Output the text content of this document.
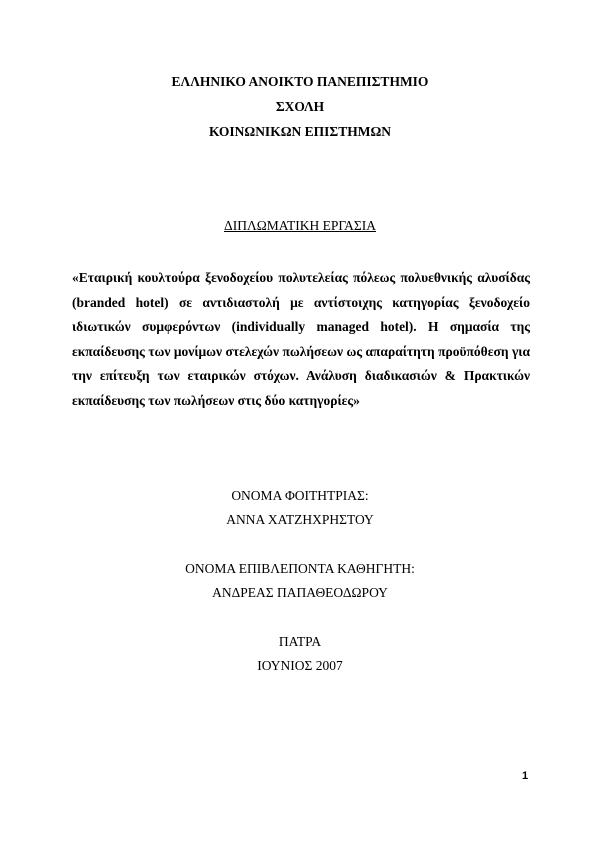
ΕΛΛΗΝΙΚΟ ΑΝΟΙΚΤΟ ΠΑΝΕΠΙΣΤΗΜΙΟ
ΣΧΟΛΗ
ΚΟΙΝΩΝΙΚΩΝ ΕΠΙΣΤΗΜΩΝ
ΔΙΠΛΩΜΑΤΙΚΗ ΕΡΓΑΣΙΑ

«Εταιρική κουλτούρα ξενοδοχείου πολυτελείας πόλεως πολυεθνικής αλυσίδας (branded hotel) σε αντιδιαστολή με αντίστοιχης κατηγορίας ξενοδοχείο ιδιωτικών συμφερόντων (individually managed hotel). Η σημασία της εκπαίδευσης των μονίμων στελεχών πωλήσεων ως απαραίτητη προϋπόθεση για την επίτευξη των εταιρικών στόχων. Ανάλυση διαδικασιών & Πρακτικών εκπαίδευσης των πωλήσεων στις δύο κατηγορίες»

ΟΝΟΜΑ ΦΟΙΤΗΤΡΙΑΣ:
ΑΝΝΑ ΧΑΤΖΗΧΡΗΣΤΟΥ
ΟΝΟΜΑ ΕΠΙΒΛΕΠΟΝΤΑ ΚΑΘΗΓΗΤΗ:
ΑΝΔΡΕΑΣ ΠΑΠΑΘΕΟΔΩΡΟΥ
ΠΑΤΡΑ
ΙΟΥΝΙΟΣ 2007
1
